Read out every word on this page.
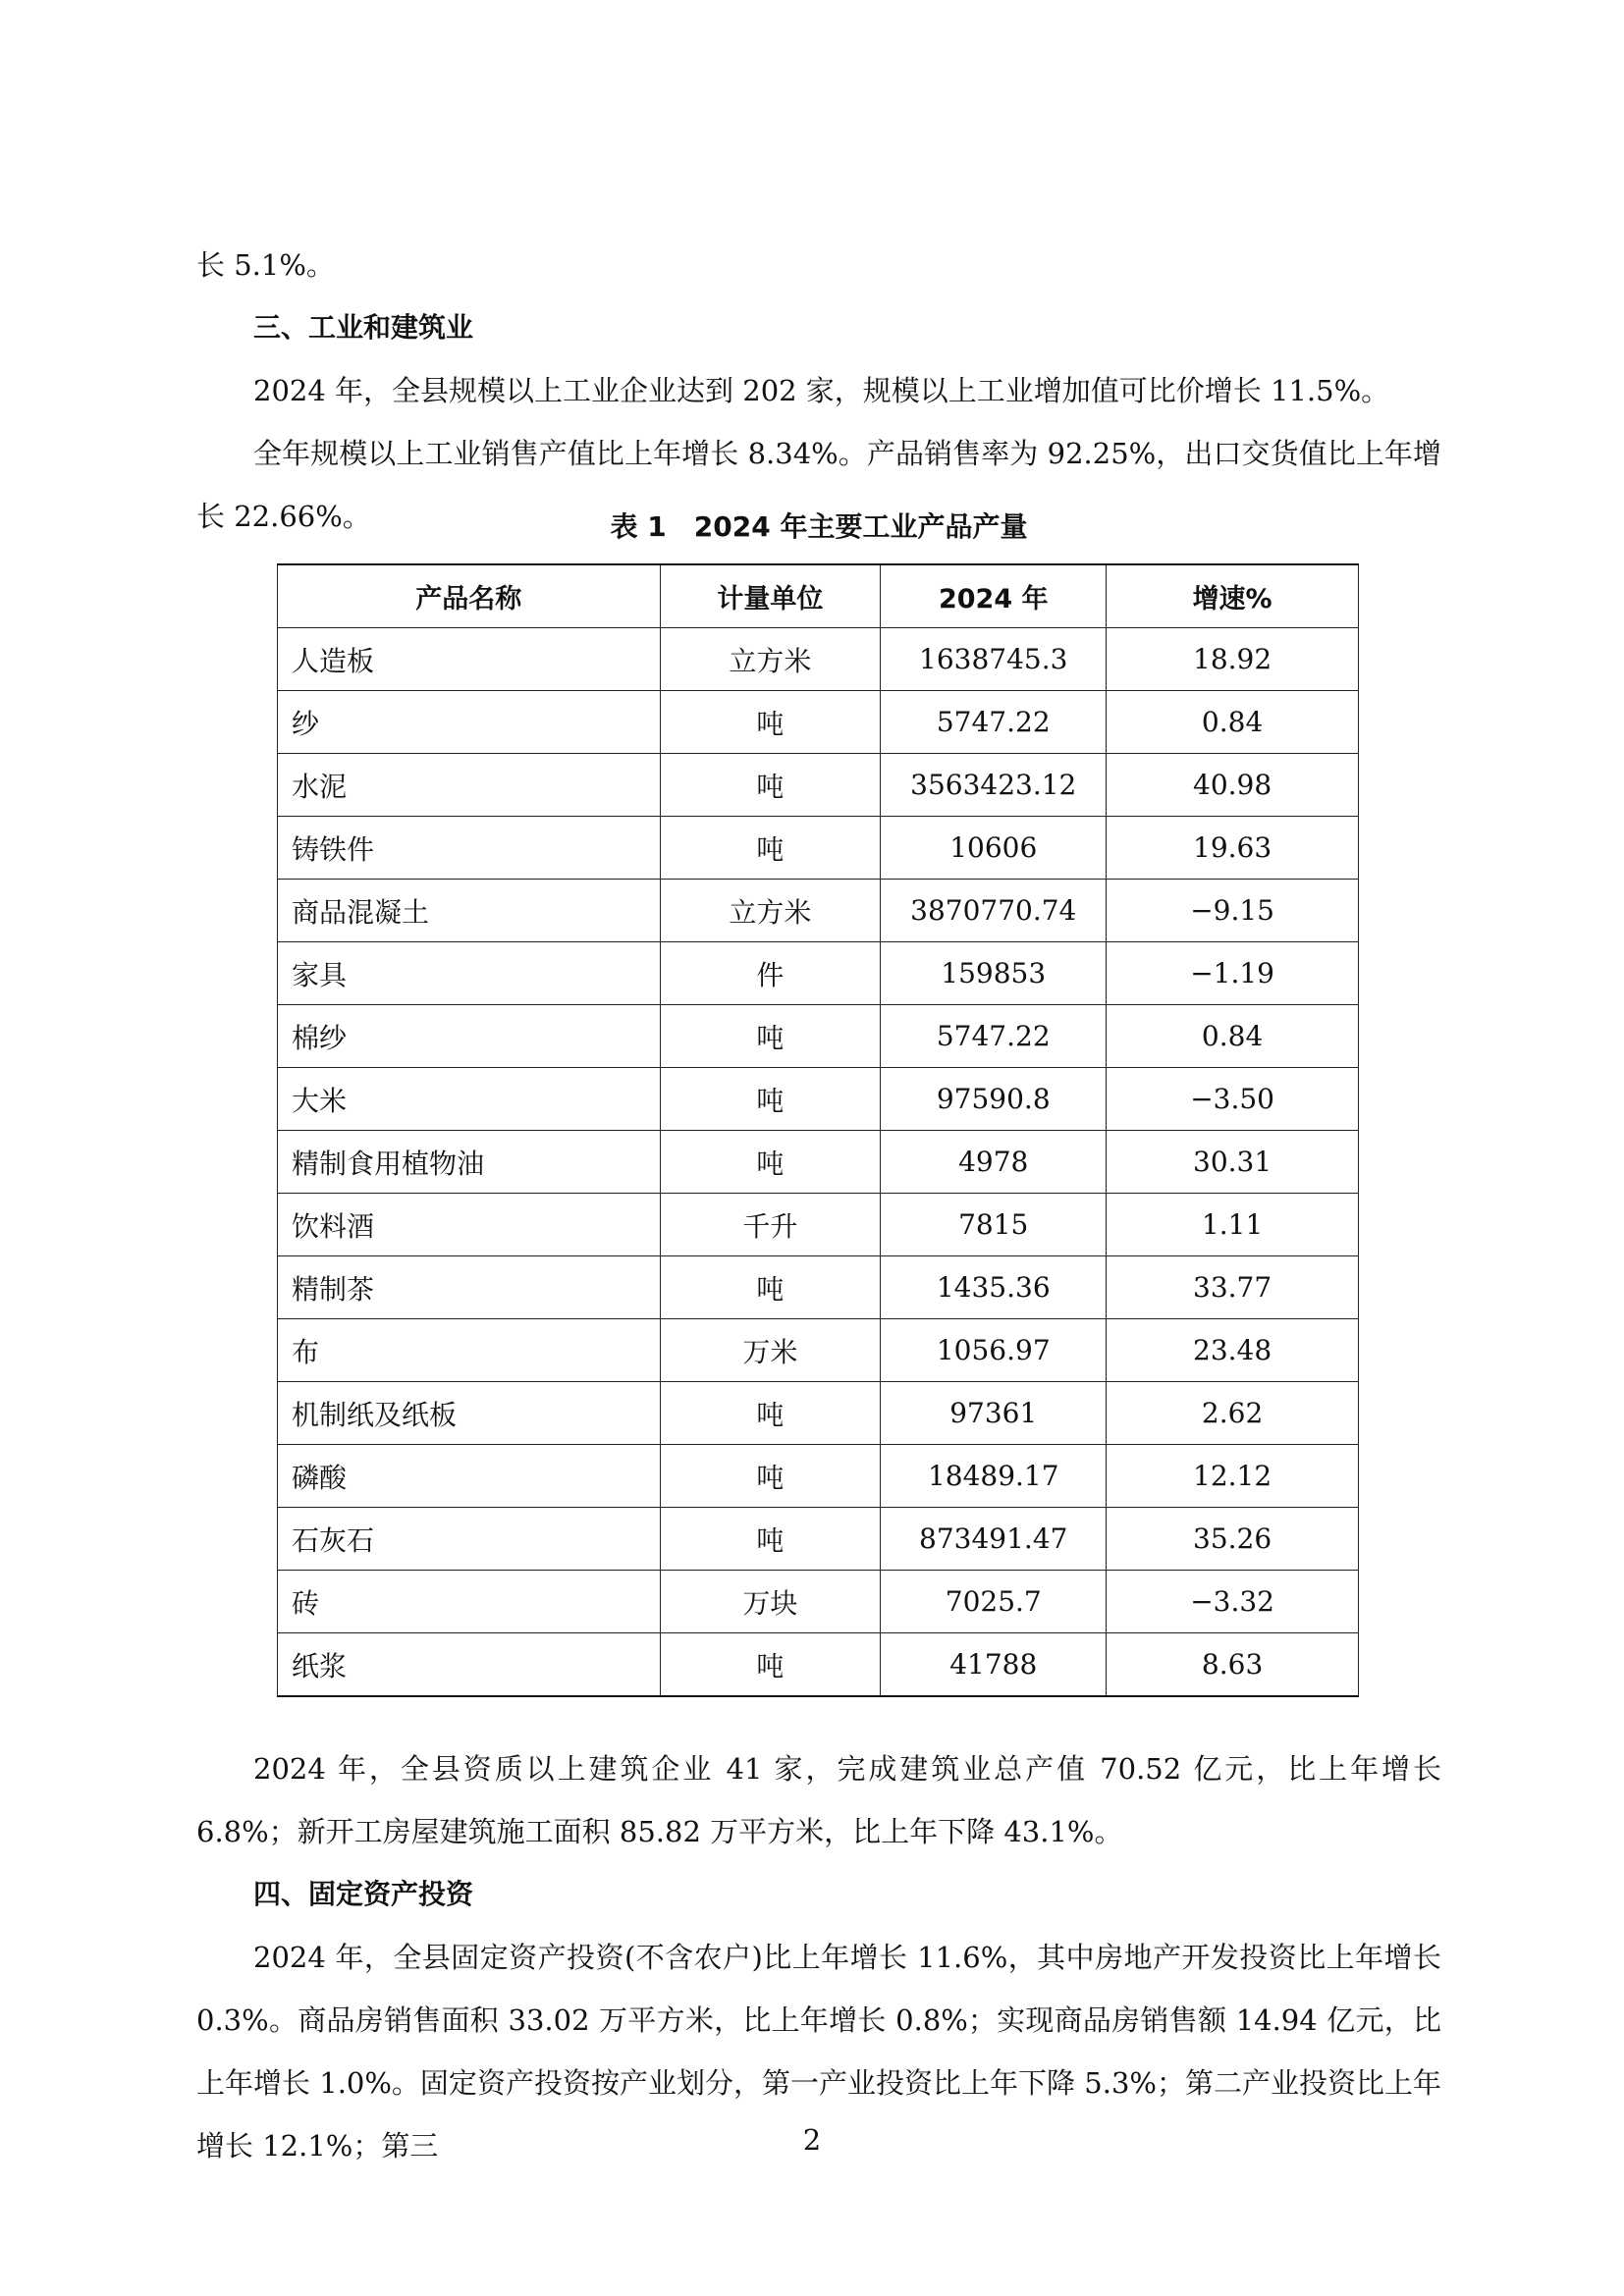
长 5.1%。

三、工业和建筑业

2024 年，全县规模以上工业企业达到 202 家，规模以上工业增加值可比价增长 11.5%。

全年规模以上工业销售产值比上年增长 8.34%。产品销售率为 92.25%，出口交货值比上年增长 22.66%。	表 1　2024 年主要工业产品产量
产品名称	计量单位	2024 年	增速%
人造板	立方米	1638745.3	18.92
纱	吨	5747.22	0.84
水泥	吨	3563423.12	40.98
铸铁件	吨	10606	19.63
商品混凝土	立方米	3870770.74	−9.15
家具	件	159853	−1.19
棉纱	吨	5747.22	0.84
大米	吨	97590.8	−3.50
精制食用植物油	吨	4978	30.31
饮料酒	千升	7815	1.11
精制茶	吨	1435.36	33.77
布	万米	1056.97	23.48
机制纸及纸板	吨	97361	2.62
磷酸	吨	18489.17	12.12
石灰石	吨	873491.47	35.26
砖	万块	7025.7	−3.32
纸浆	吨	41788	8.63

2024 年，全县资质以上建筑企业 41 家，完成建筑业总产值 70.52 亿元，比上年增长 6.8%；新开工房屋建筑施工面积 85.82 万平方米，比上年下降 43.1%。

四、固定资产投资

2024 年，全县固定资产投资(不含农户)比上年增长 11.6%，其中房地产开发投资比上年增长 0.3%。商品房销售面积 33.02 万平方米，比上年增长 0.8%；实现商品房销售额 14.94 亿元，比上年增长 1.0%。固定资产投资按产业划分，第一产业投资比上年下降 5.3%；第二产业投资比上年增长 12.1%；第三	2
